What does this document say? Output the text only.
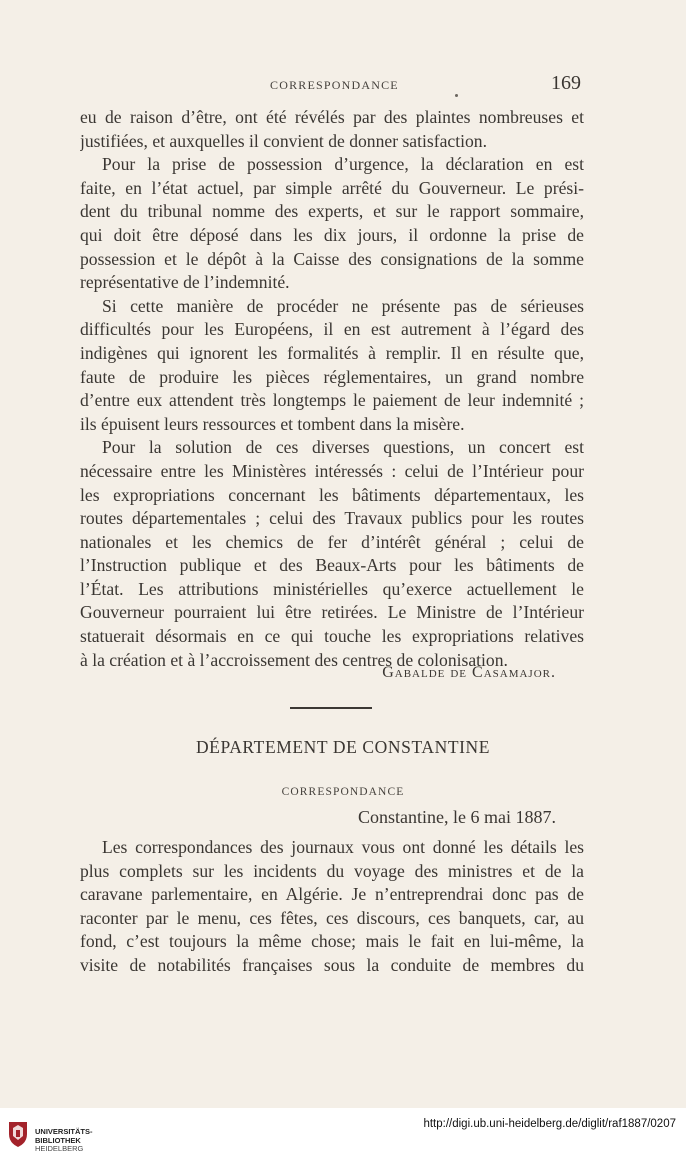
CORRESPONDANCE	169

eu de raison d’être, ont été révélés par des plaintes nombreuses et
justifiées, et auxquelles il convient de donner satisfaction.

Pour la prise de possession d’urgence, la déclaration en est
faite, en l’état actuel, par simple arrêté du Gouverneur. Le prési-
dent du tribunal nomme des experts, et sur le rapport sommaire,
qui doit être déposé dans les dix jours, il ordonne la prise de
possession et le dépôt à la Caisse des consignations de la somme
représentative de l’indemnité.

Si cette manière de procéder ne présente pas de sérieuses
difficultés pour les Européens, il en est autrement à l’égard des
indigènes qui ignorent les formalités à remplir. Il en résulte que,
faute de produire les pièces réglementaires, un grand nombre
d’entre eux attendent très longtemps le paiement de leur indemnité ;
ils épuisent leurs ressources et tombent dans la misère.

Pour la solution de ces diverses questions, un concert est
nécessaire entre les Ministères intéressés : celui de l’Intérieur pour
les expropriations concernant les bâtiments départementaux, les
routes départementales ; celui des Travaux publics pour les routes
nationales et les chemics de fer d’intérêt général ; celui de
l’Instruction publique et des Beaux-Arts pour les bâtiments de
l’État. Les attributions ministérielles qu’exerce actuellement le
Gouverneur pourraient lui être retirées. Le Ministre de l’Intérieur
statuerait désormais en ce qui touche les expropriations relatives
à la création et à l’accroissement des centres de colonisation.

Gabalde de Casamajor.
DÉPARTEMENT DE CONSTANTINE
CORRESPONDANCE
Constantine, le 6 mai 1887.

Les correspondances des journaux vous ont donné les détails les
plus complets sur les incidents du voyage des ministres et de la
caravane parlementaire, en Algérie. Je n’entreprendrai donc pas de
raconter par le menu, ces fêtes, ces discours, ces banquets, car, au
fond, c’est toujours la même chose; mais le fait en lui-même, la
visite de notabilités françaises sous la conduite de membres du

UNIVERSITÄTS-
BIBLIOTHEK
HEIDELBERG
http://digi.ub.uni-heidelberg.de/diglit/raf1887/0207
